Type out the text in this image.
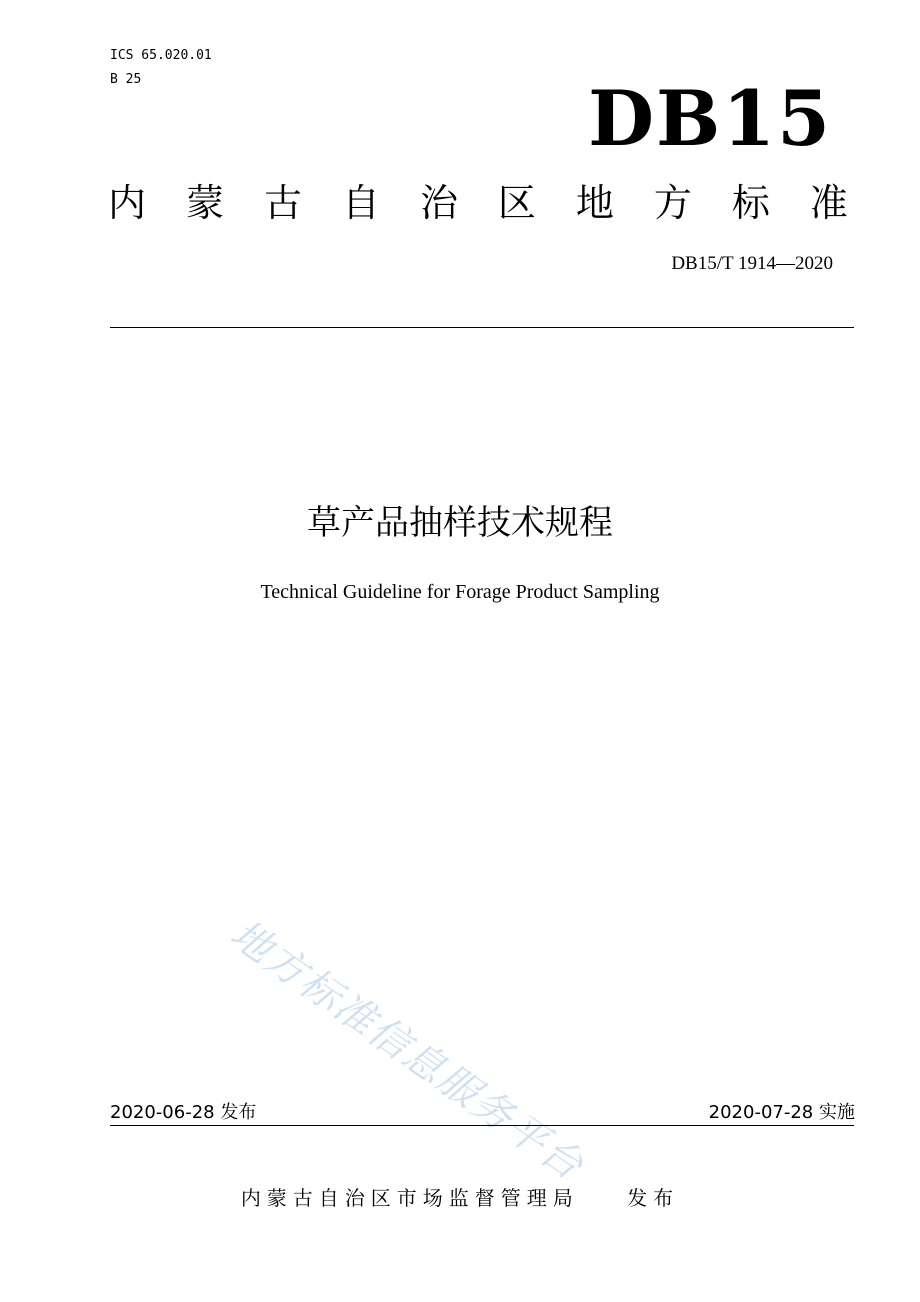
ICS 65.020.01
B 25	DB15
内 蒙 古 自 治 区 地 方 标 准
DB15/T 1914—2020
草产品抽样技术规程
Technical Guideline for Forage Product Sampling
地方标准信息服务平台
2020-06-28 发布	2020-07-28 实施
内蒙古自治区市场监督管理局 发布
